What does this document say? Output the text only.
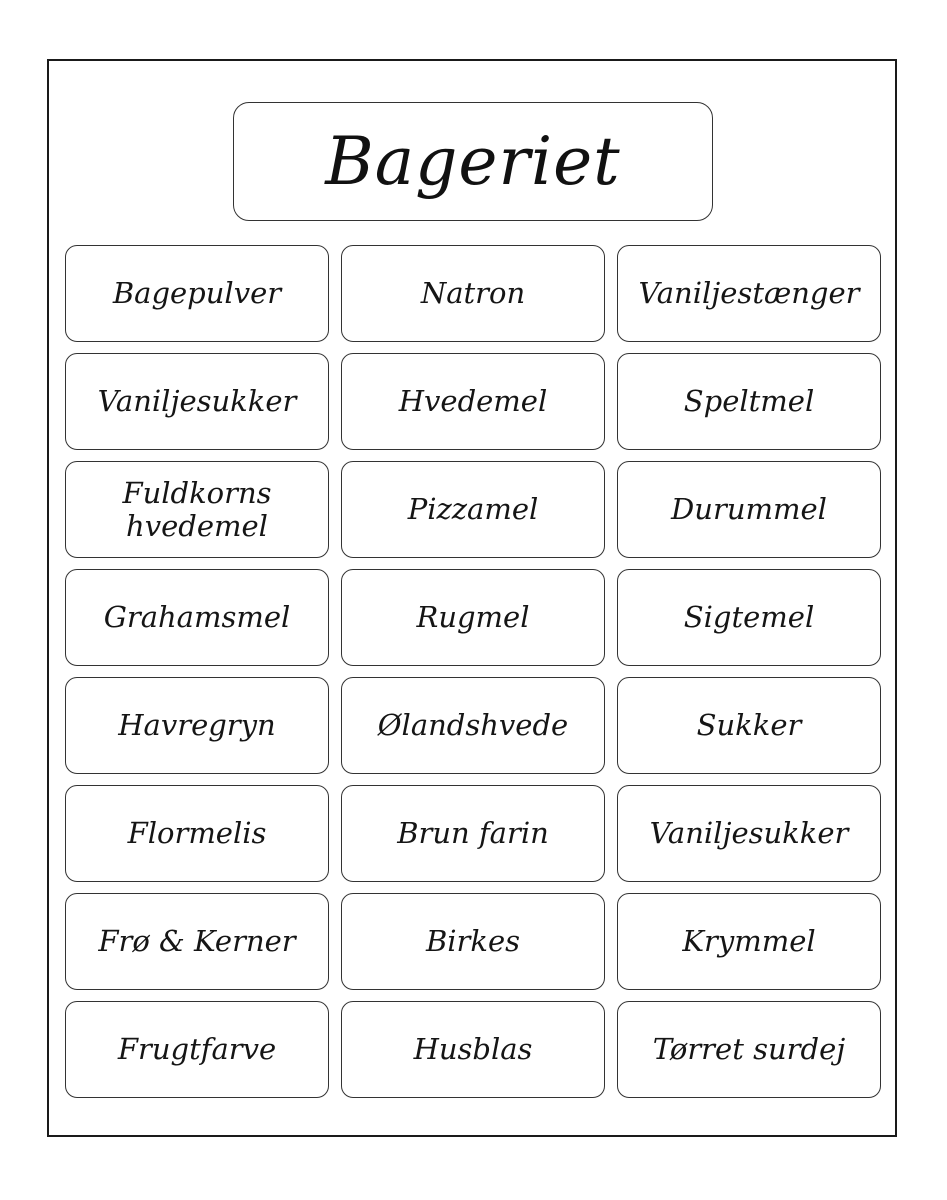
Bageriet
Bagepulver	Natron	Vaniljestænger
Vaniljesukker	Hvedemel	Speltmel
Fuldkorns hvedemel	Pizzamel	Durummel
Grahamsmel	Rugmel	Sigtemel
Havregryn	Ølandshvede	Sukker
Flormelis	Brun farin	Vaniljesukker
Frø & Kerner	Birkes	Krymmel
Frugtfarve	Husblas	Tørret surdej
